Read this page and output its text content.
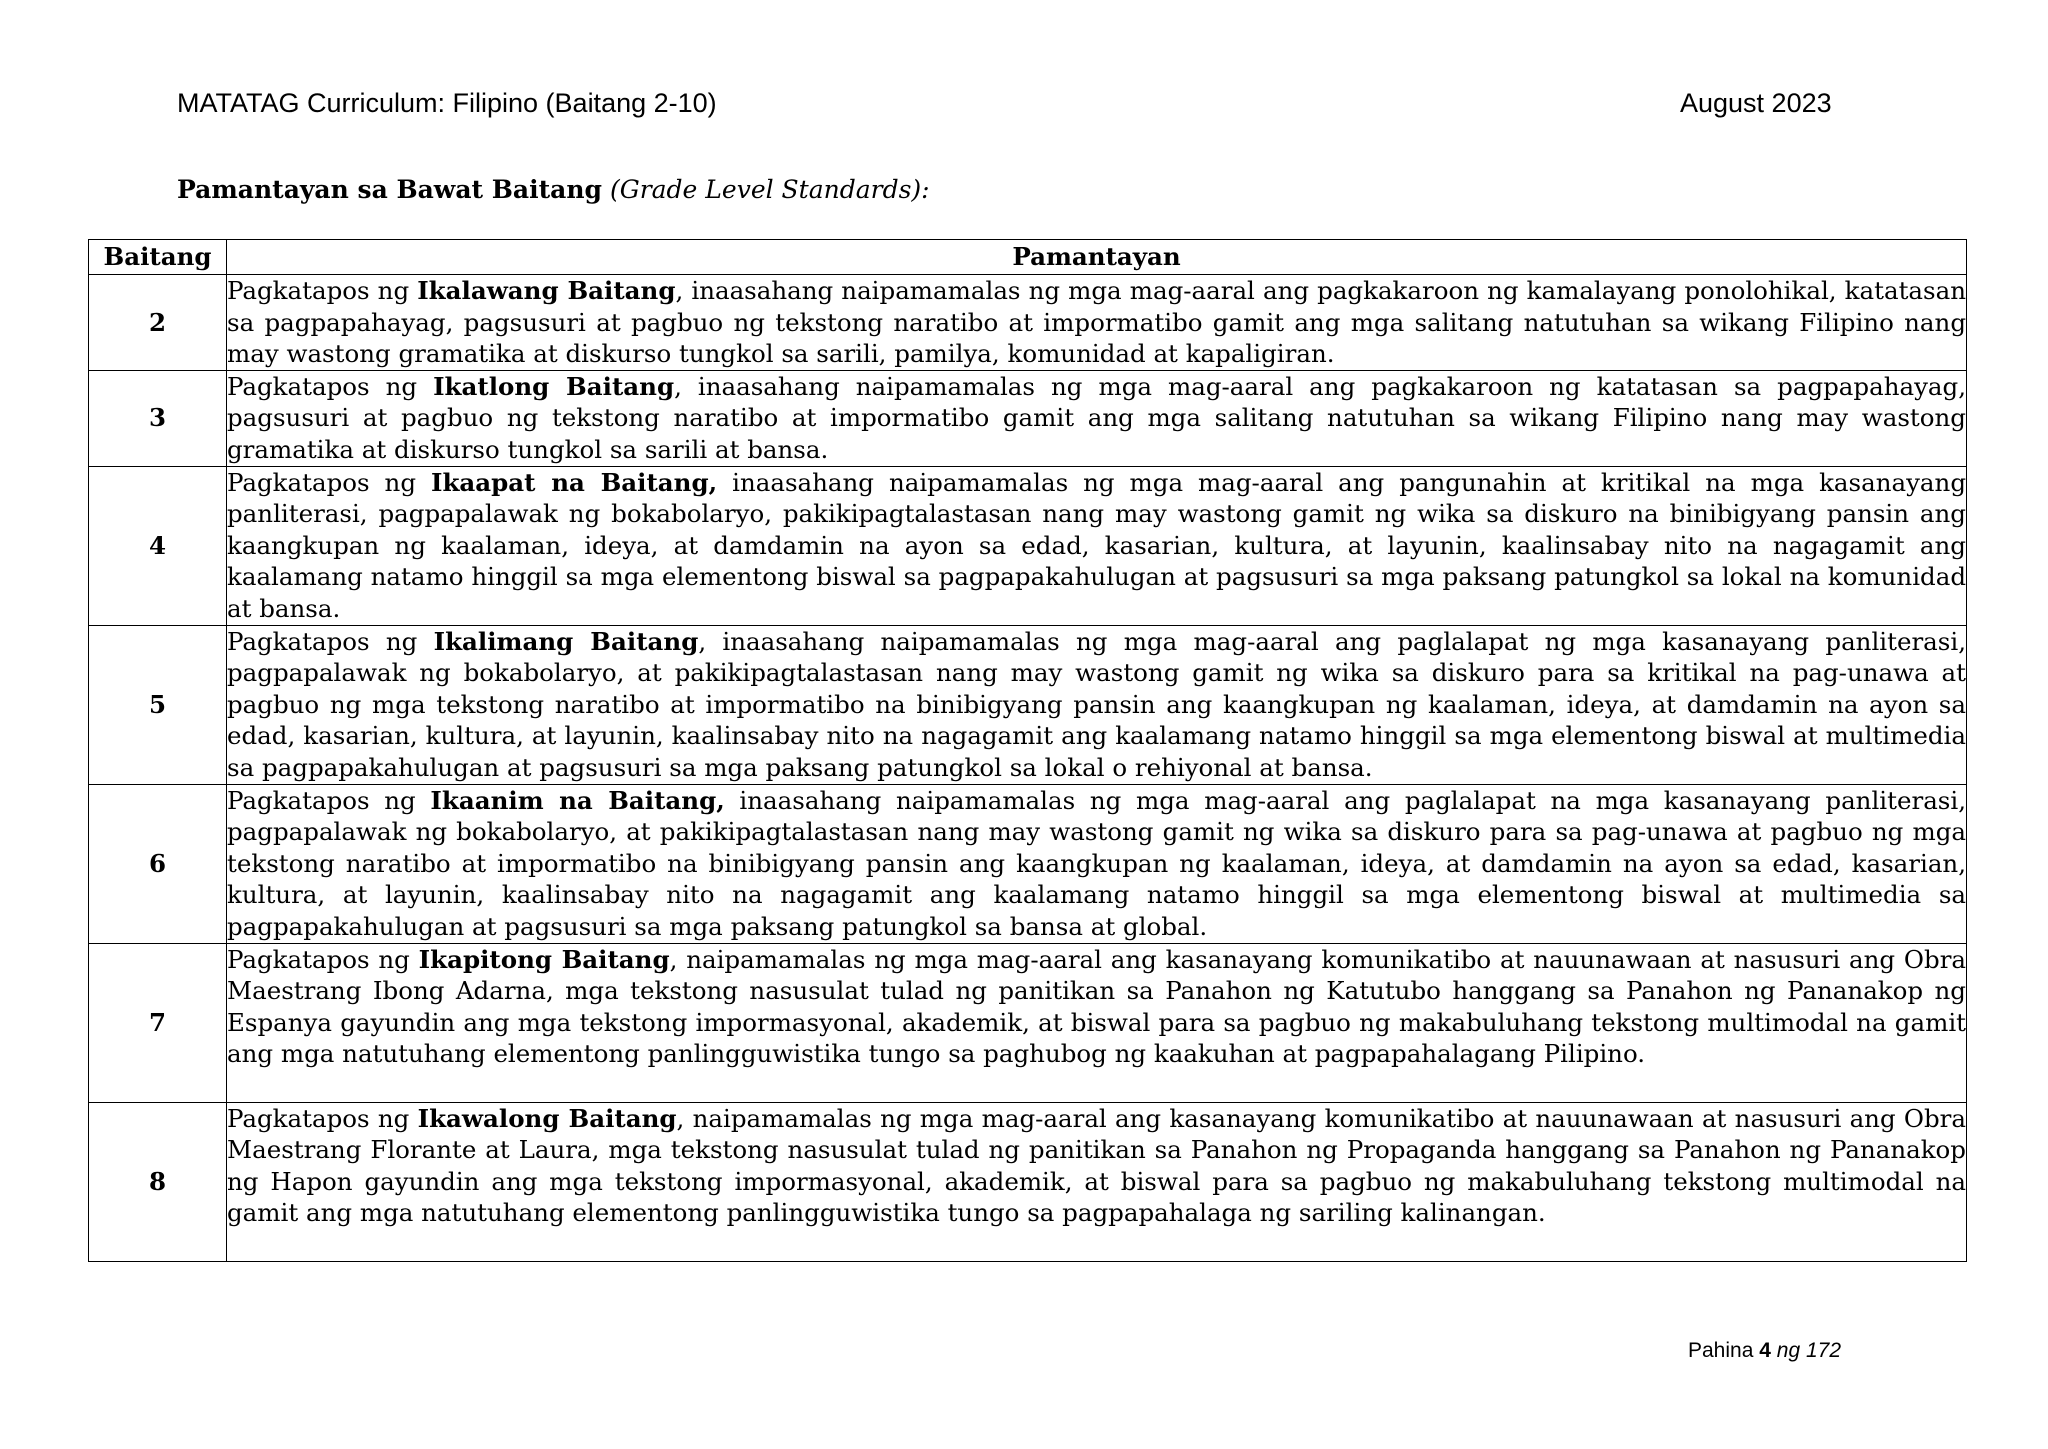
MATATAG Curriculum: Filipino (Baitang 2-10)	August 2023
Pamantayan sa Bawat Baitang (Grade Level Standards):
Baitang	Pamantayan
2	Pagkatapos ng Ikalawang Baitang, inaasahang naipamamalas ng mga mag-aaral ang pagkakaroon ng kamalayang ponolohikal, katatasan sa pagpapahayag, pagsusuri at pagbuo ng tekstong naratibo at impormatibo gamit ang mga salitang natutuhan sa wikang Filipino nang may wastong gramatika at diskurso tungkol sa sarili, pamilya, komunidad at kapaligiran.
3	Pagkatapos ng Ikatlong Baitang, inaasahang naipamamalas ng mga mag-aaral ang pagkakaroon ng katatasan sa pagpapahayag, pagsusuri at pagbuo ng tekstong naratibo at impormatibo gamit ang mga salitang natutuhan sa wikang Filipino nang may wastong gramatika at diskurso tungkol sa sarili at bansa.
4	Pagkatapos ng Ikaapat na Baitang, inaasahang naipamamalas ng mga mag-aaral ang pangunahin at kritikal na mga kasanayang panliterasi, pagpapalawak ng bokabolaryo, pakikipagtalastasan nang may wastong gamit ng wika sa diskuro na binibigyang pansin ang kaangkupan ng kaalaman, ideya, at damdamin na ayon sa edad, kasarian, kultura, at layunin, kaalinsabay nito na nagagamit ang kaalamang natamo hinggil sa mga elementong biswal sa pagpapakahulugan at pagsusuri sa mga paksang patungkol sa lokal na komunidad at bansa.
5	Pagkatapos ng Ikalimang Baitang, inaasahang naipamamalas ng mga mag-aaral ang paglalapat ng mga kasanayang panliterasi, pagpapalawak ng bokabolaryo, at pakikipagtalastasan nang may wastong gamit ng wika sa diskuro para sa kritikal na pag-unawa at pagbuo ng mga tekstong naratibo at impormatibo na binibigyang pansin ang kaangkupan ng kaalaman, ideya, at damdamin na ayon sa edad, kasarian, kultura, at layunin, kaalinsabay nito na nagagamit ang kaalamang natamo hinggil sa mga elementong biswal at multimedia sa pagpapakahulugan at pagsusuri sa mga paksang patungkol sa lokal o rehiyonal at bansa.
6	Pagkatapos ng Ikaanim na Baitang, inaasahang naipamamalas ng mga mag-aaral ang paglalapat na mga kasanayang panliterasi, pagpapalawak ng bokabolaryo, at pakikipagtalastasan nang may wastong gamit ng wika sa diskuro para sa pag-unawa at pagbuo ng mga tekstong naratibo at impormatibo na binibigyang pansin ang kaangkupan ng kaalaman, ideya, at damdamin na ayon sa edad, kasarian, kultura, at layunin, kaalinsabay nito na nagagamit ang kaalamang natamo hinggil sa mga elementong biswal at multimedia sa pagpapakahulugan at pagsusuri sa mga paksang patungkol sa bansa at global.
7	Pagkatapos ng Ikapitong Baitang, naipamamalas ng mga mag-aaral ang kasanayang komunikatibo at nauunawaan at nasusuri ang Obra Maestrang Ibong Adarna, mga tekstong nasusulat tulad ng panitikan sa Panahon ng Katutubo hanggang sa Panahon ng Pananakop ng Espanya gayundin ang mga tekstong impormasyonal, akademik, at biswal para sa pagbuo ng makabuluhang tekstong multimodal na gamit ang mga natutuhang elementong panlingguwistika tungo sa paghubog ng kaakuhan at pagpapahalagang Pilipino.
8	Pagkatapos ng Ikawalong Baitang, naipamamalas ng mga mag-aaral ang kasanayang komunikatibo at nauunawaan at nasusuri ang Obra Maestrang Florante at Laura, mga tekstong nasusulat tulad ng panitikan sa Panahon ng Propaganda hanggang sa Panahon ng Pananakop ng Hapon gayundin ang mga tekstong impormasyonal, akademik, at biswal para sa pagbuo ng makabuluhang tekstong multimodal na gamit ang mga natutuhang elementong panlingguwistika tungo sa pagpapahalaga ng sariling kalinangan.
Pahina 4 ng 172
